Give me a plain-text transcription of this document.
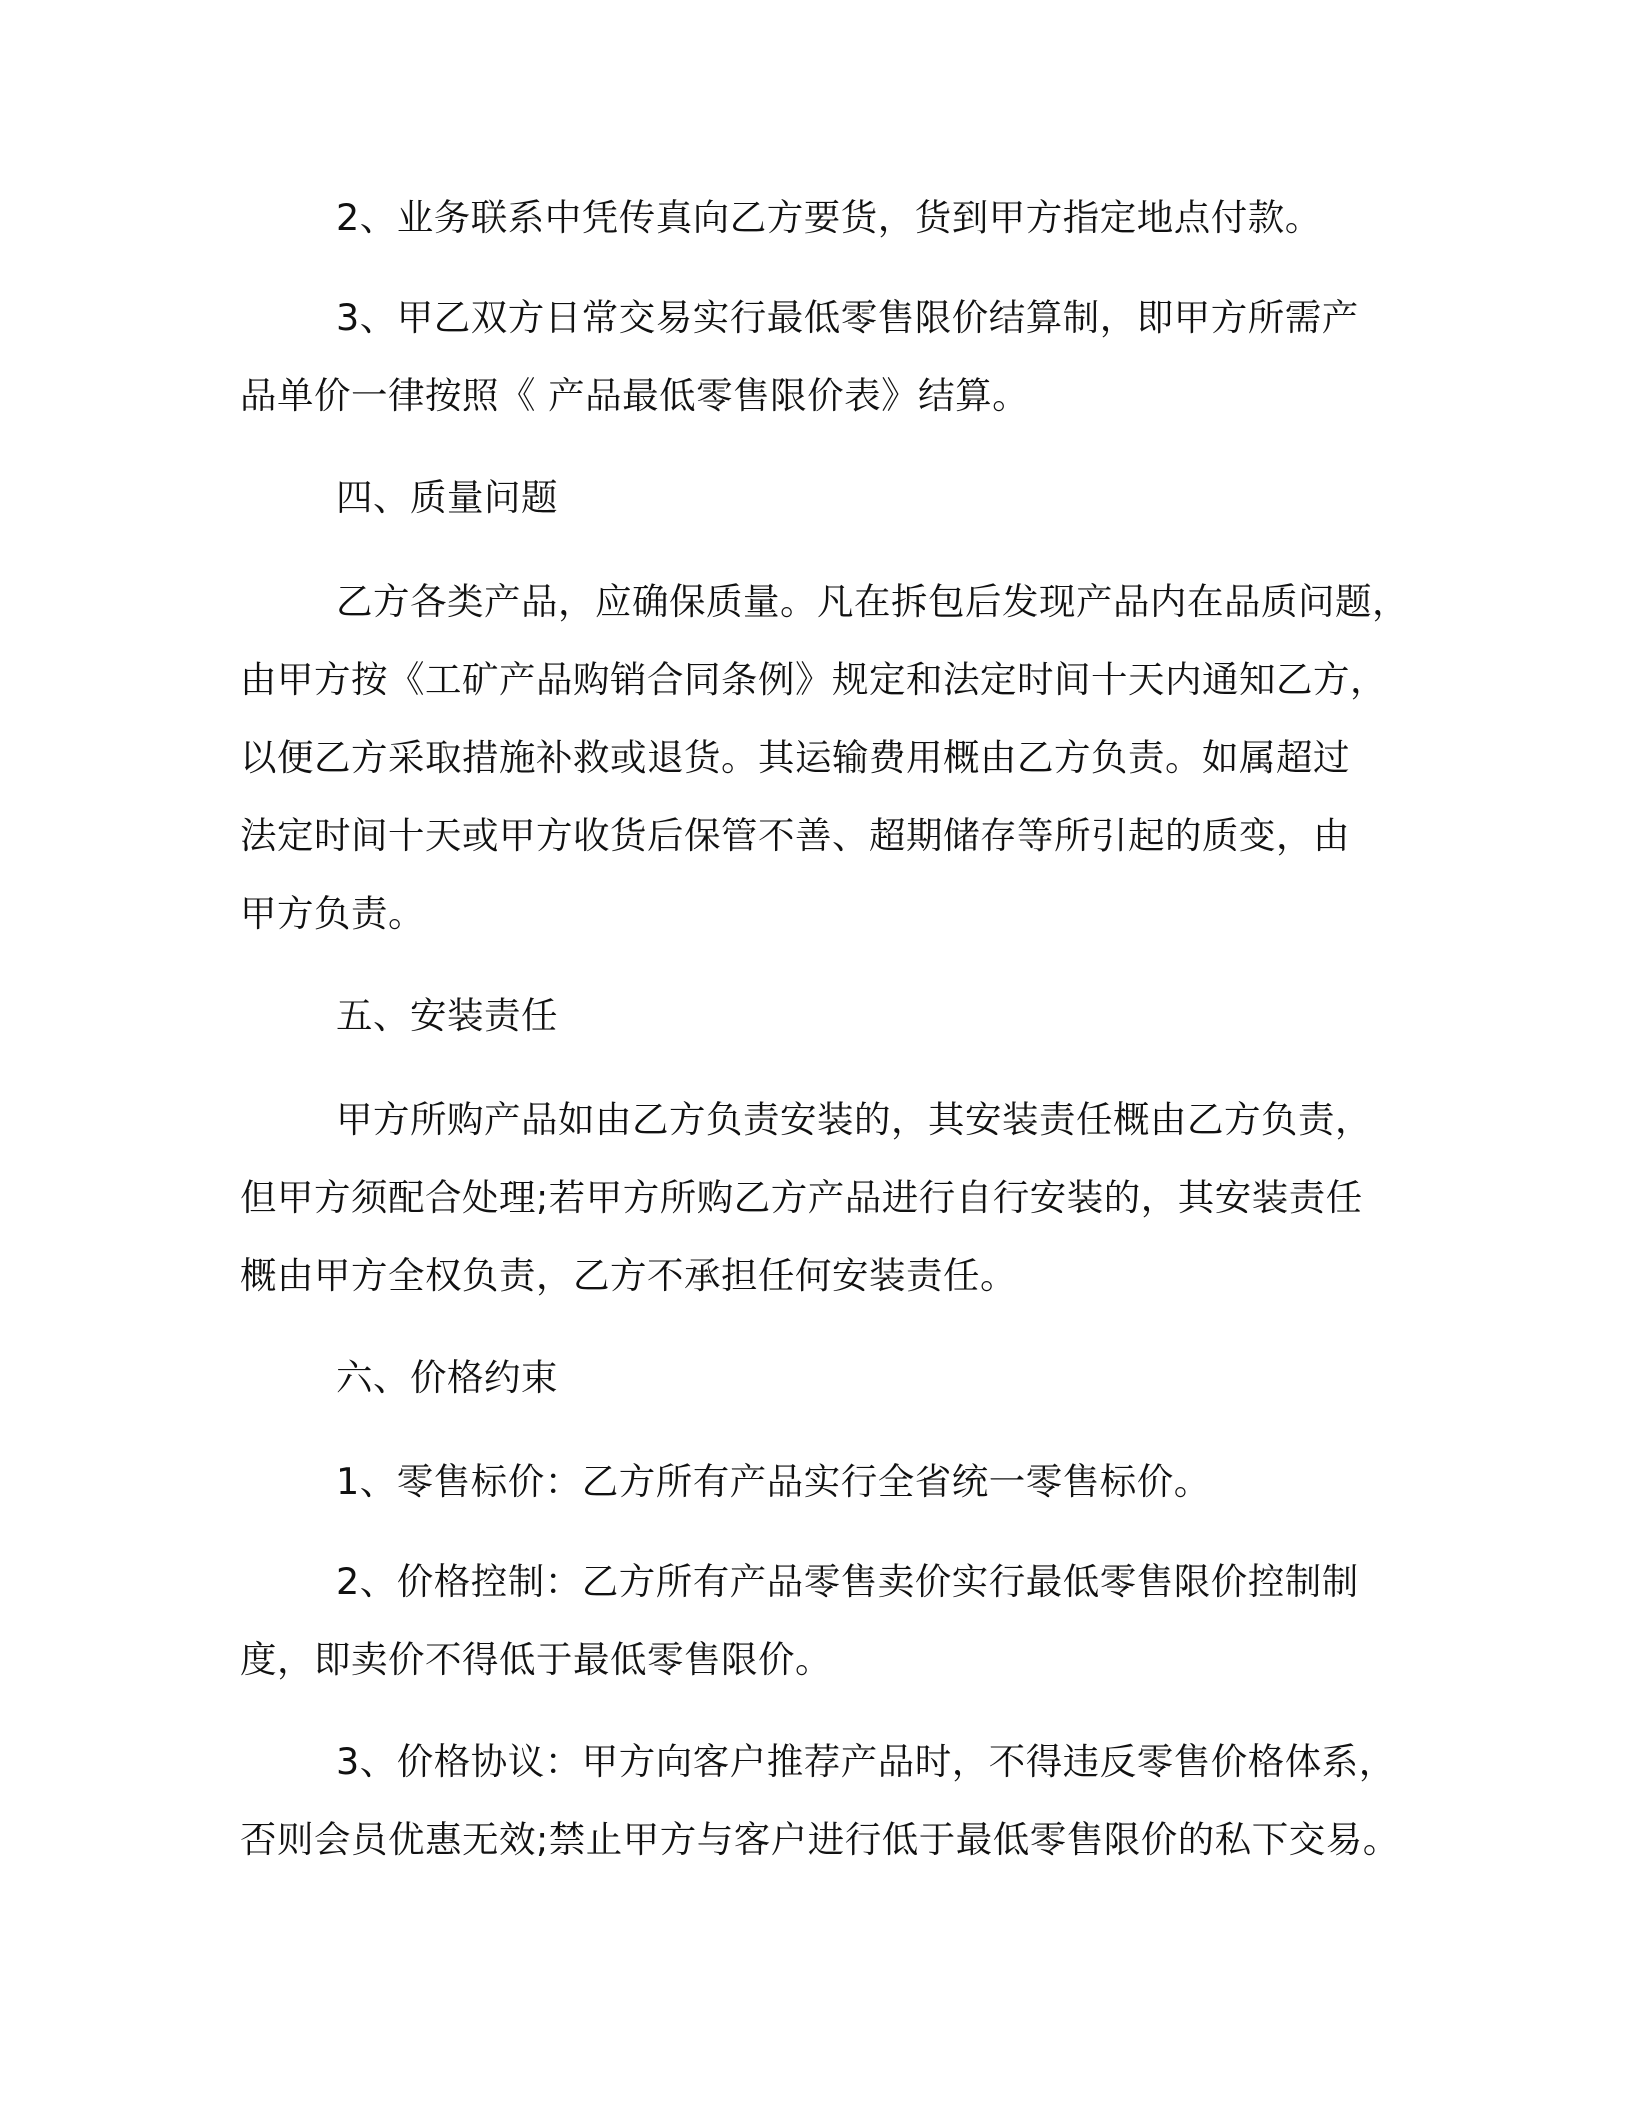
2、业务联系中凭传真向乙方要货，货到甲方指定地点付款。
3、甲乙双方日常交易实行最低零售限价结算制，即甲方所需产
品单价一律按照《 产品最低零售限价表》结算。
四、质量问题
乙方各类产品，应确保质量。凡在拆包后发现产品内在品质问题，
由甲方按《工矿产品购销合同条例》规定和法定时间十天内通知乙方，
以便乙方采取措施补救或退货。其运输费用概由乙方负责。如属超过
法定时间十天或甲方收货后保管不善、超期储存等所引起的质变，由
甲方负责。
五、安装责任
甲方所购产品如由乙方负责安装的，其安装责任概由乙方负责，
但甲方须配合处理;若甲方所购乙方产品进行自行安装的，其安装责任
概由甲方全权负责，乙方不承担任何安装责任。
六、价格约束
1、零售标价：乙方所有产品实行全省统一零售标价。
2、价格控制：乙方所有产品零售卖价实行最低零售限价控制制
度，即卖价不得低于最低零售限价。
3、价格协议：甲方向客户推荐产品时，不得违反零售价格体系，
否则会员优惠无效;禁止甲方与客户进行低于最低零售限价的私下交易。
